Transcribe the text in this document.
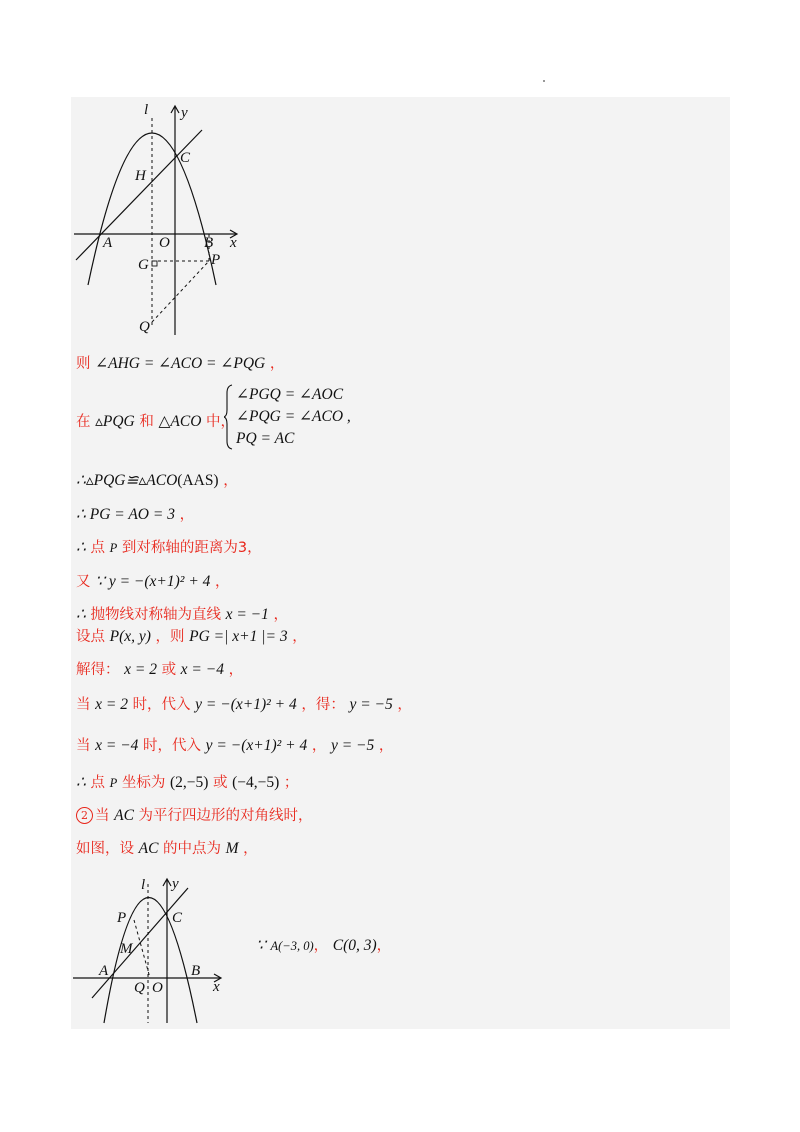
l y
x
C
H
A	O B
G	P
Q
则 ∠AHG = ∠ACO = ∠PQG ，
在 ▵PQG 和 △ACO 中，
∠PGQ = ∠AOC
∠PQG = ∠ACO ,
PQ = AC
∴▵PQG≌▵ACO(AAS) ，
∴ PG = AO = 3 ，
∴ 点 P 到对称轴的距离为3，
又 ∵ y = −(x+1)² + 4 ，
∴ 抛物线对称轴为直线 x = −1 ，
设点 P(x, y) ，则 PG =| x+1 |= 3 ，
解得： x = 2 或 x = −4 ，
当 x = 2 时，代入 y = −(x+1)² + 4 ，得： y = −5 ，
当 x = −4 时，代入 y = −(x+1)² + 4 ， y = −5 ，
∴ 点 P 坐标为 (2,−5) 或 (−4,−5) ；
2 当 AC 为平行四边形的对角线时，
如图，设 AC 的中点为 M ，
l y
x
P	C
M
A	B
Q O
∵ A(−3, 0)， C(0, 3)，
